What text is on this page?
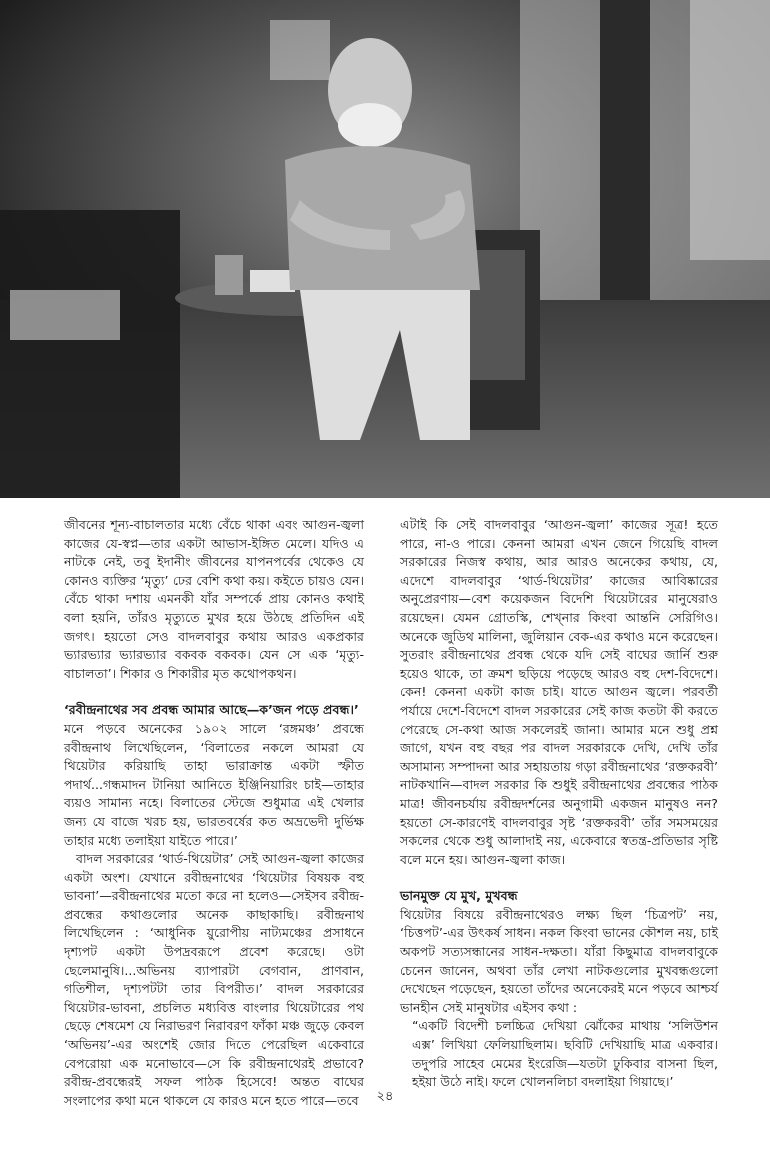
জীবনের শূন্য-বাচালতার মধ্যে বেঁচে থাকা এবং আগুন-জ্বলা কাজের যে-স্বপ্ন—তার একটা আভাস-ইঙ্গিত মেলে। যদিও এ নাটকে নেই, তবু ইদানীং জীবনের যাপনপর্বের থেকেও যে কোনও ব্যক্তির ‘মৃত্যু’ ঢের বেশি কথা কয়। কইতে চায়ও যেন। বেঁচে থাকা দশায় এমনকী যাঁর সম্পর্কে প্রায় কোনও কথাই বলা হয়নি, তাঁরও মৃত্যুতে মুখর হয়ে উঠছে প্রতিদিন এই জগৎ। হয়তো সেও বাদলবাবুর কথায় আরও একপ্রকার ভ্যারভ্যার ভ্যারভ্যার বকবক বকবক। যেন সে এক ‘মৃত্যু-বাচালতা’। শিকার ও শিকারীর মৃত কথোপকথন।

‘রবীন্দ্রনাথের সব প্রবন্ধ আমার আছে—ক’জন পড়ে প্রবন্ধ।’

মনে পড়বে অনেকের ১৯০২ সালে ‘রঙ্গমঞ্চ’ প্রবন্ধে রবীন্দ্রনাথ লিখেছিলেন, ‘বিলাতের নকলে আমরা যে থিয়েটার করিয়াছি তাহা ভারাক্রান্ত একটা স্ফীত পদার্থ...গন্ধমাদন টানিয়া আনিতে ইঞ্জিনিয়ারিং চাই—তাহার ব্যয়ও সামান্য নহে। বিলাতের স্টেজে শুধুমাত্র এই খেলার জন্য যে বাজে খরচ হয়, ভারতবর্ষের কত অভ্রভেদী দুর্ভিক্ষ তাহার মধ্যে তলাইয়া যাইতে পারে।’

বাদল সরকারের ‘থার্ড-থিয়েটার’ সেই আগুন-জ্বলা কাজের একটা অংশ। যেখানে রবীন্দ্রনাথের ‘থিয়েটার বিষয়ক বহু ভাবনা’—রবীন্দ্রনাথের মতো করে না হলেও—সেইসব রবীন্দ্র-প্রবন্ধের কথাগুলোর অনেক কাছাকাছি। রবীন্দ্রনাথ লিখেছিলেন : ‘আধুনিক য়ুরোপীয় নাট্যমঞ্চের প্রসাধনে দৃশ্যপট একটা উপদ্রবরূপে প্রবেশ করেছে। ওটা ছেলেমানুষি।...অভিনয় ব্যাপারটা বেগবান, প্রাণবান, গতিশীল, দৃশ্যপটটা তার বিপরীত।’ বাদল সরকারের থিয়েটার-ভাবনা, প্রচলিত মধ্যবিত্ত বাংলার থিয়েটারের পথ ছেড়ে শেষমেশ যে নিরাভরণ নিরাবরণ ফাঁকা মঞ্চ জুড়ে কেবল ‘অভিনয়’-এর অংশেই জোর দিতে পেরেছিল একেবারে বেপরোয়া এক মনোভাবে—সে কি রবীন্দ্রনাথেরই প্রভাবে? রবীন্দ্র-প্রবন্ধেরই সফল পাঠক হিসেবে! অন্তত বাঘের সংলাপের কথা মনে থাকলে যে কারও মনে হতে পারে—তবে

এটাই কি সেই বাদলবাবুর ‘আগুন-জ্বলা’ কাজের সূত্র! হতে পারে, না-ও পারে। কেননা আমরা এখন জেনে গিয়েছি বাদল সরকারের নিজস্ব কথায়, আর আরও অনেকের কথায়, যে, এদেশে বাদলবাবুর ‘থার্ড-থিয়েটার’ কাজের আবিষ্কারের অনুপ্রেরণায়—বেশ কয়েকজন বিদেশি থিয়েটারের মানুষেরাও রয়েছেন। যেমন গ্রোতস্কি, শেখ্নার কিংবা আন্তনি সেরিগিও। অনেকে জুডিথ মালিনা, জুলিয়ান বেক-এর কথাও মনে করেছেন। সুতরাং রবীন্দ্রনাথের প্রবন্ধ থেকে যদি সেই বাঘের জার্নি শুরু হয়েও থাকে, তা ক্রমশ ছড়িয়ে পড়েছে আরও বহু দেশ-বিদেশে। কেন! কেননা একটা কাজ চাই। যাতে আগুন জ্বলে। পরবর্তী পর্যায়ে দেশে-বিদেশে বাদল সরকারের সেই কাজ কতটা কী করতে পেরেছে সে-কথা আজ সকলেরই জানা। আমার মনে শুধু প্রশ্ন জাগে, যখন বহু বছর পর বাদল সরকারকে দেখি, দেখি তাঁর অসামান্য সম্পাদনা আর সহায়তায় গড়া রবীন্দ্রনাথের ‘রক্তকরবী’ নাটকখানি—বাদল সরকার কি শুধুই রবীন্দ্রনাথের প্রবন্ধের পাঠক মাত্র! জীবনচর্যায় রবীন্দ্রদর্শনের অনুগামী একজন মানুষও নন? হয়তো সে-কারণেই বাদলবাবুর সৃষ্ট ‘রক্তকরবী’ তাঁর সমসময়ের সকলের থেকে শুধু আলাদাই নয়, একেবারে স্বতন্ত্র-প্রতিভার সৃষ্টি বলে মনে হয়। আগুন-জ্বলা কাজ।

ভানমুক্ত যে মুখ, মুখবন্ধ

থিয়েটার বিষয়ে রবীন্দ্রনাথেরও লক্ষ্য ছিল ‘চিত্রপট’ নয়, ‘চিত্তপট’-এর উৎকর্ষ সাধন। নকল কিংবা ভানের কৌশল নয়, চাই অকপট সত্যসন্ধানের সাধন-দক্ষতা। যাঁরা কিছুমাত্র বাদলবাবুকে চেনেন জানেন, অথবা তাঁর লেখা নাটকগুলোর মুখবন্ধগুলো দেখেছেন পড়েছেন, হয়তো তাঁদের অনেকেরই মনে পড়বে আশ্চর্য ভানহীন সেই মানুষটার এইসব কথা :

“একটি বিদেশী চলচ্চিত্র দেখিয়া ঝোঁকের মাথায় ‘সলিউশন এক্স’ লিখিয়া ফেলিয়াছিলাম। ছবিটি দেখিয়াছি মাত্র একবার। তদুপরি সাহেব মেমের ইংরেজি—যতটা ঢুকিবার বাসনা ছিল, হইয়া উঠে নাই। ফলে খোলনলিচা বদলাইয়া গিয়াছে।’

২৪
